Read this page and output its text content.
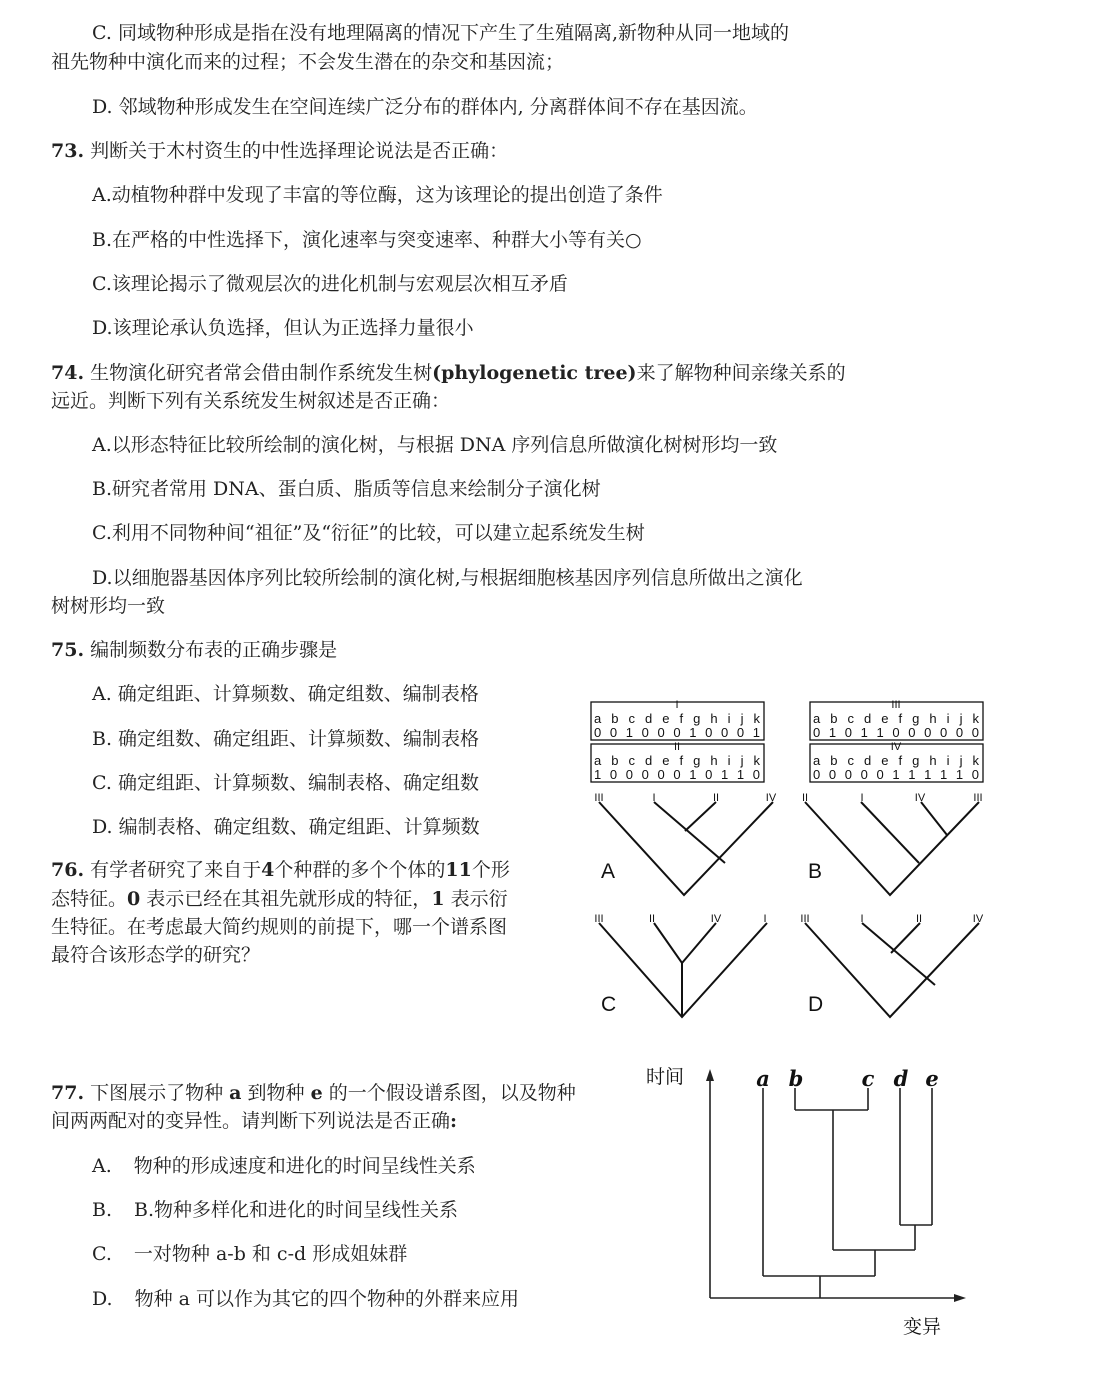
C. 同域物种形成是指在没有地理隔离的情况下产生了生殖隔离,新物种从同一地域的
祖先物种中演化而来的过程；不会发生潜在的杂交和基因流；
D. 邻域物种形成发生在空间连续广泛分布的群体内, 分离群体间不存在基因流。
73. 判断关于木村资生的中性选择理论说法是否正确：
A.动植物种群中发现了丰富的等位酶，这为该理论的提出创造了条件
B.在严格的中性选择下，演化速率与突变速率、种群大小等有关○
C.该理论揭示了微观层次的进化机制与宏观层次相互矛盾
D.该理论承认负选择，但认为正选择力量很小
74. 生物演化研究者常会借由制作系统发生树(phylogenetic tree)来了解物种间亲缘关系的
远近。判断下列有关系统发生树叙述是否正确：
A.以形态特征比较所绘制的演化树，与根据 DNA 序列信息所做演化树树形均一致
B.研究者常用 DNA、蛋白质、脂质等信息来绘制分子演化树
C.利用不同物种间“祖征”及“衍征”的比较，可以建立起系统发生树
D.以细胞器基因体序列比较所绘制的演化树,与根据细胞核基因序列信息所做出之演化
树树形均一致
75. 编制频数分布表的正确步骤是
A. 确定组距、计算频数、确定组数、编制表格
B. 确定组数、确定组距、计算频数、编制表格
C. 确定组距、计算频数、编制表格、确定组数
D. 编制表格、确定组数、确定组距、计算频数
76. 有学者研究了来自于4个种群的多个个体的11个形
态特征。0 表示已经在其祖先就形成的特征，1 表示衍
生特征。在考虑最大简约规则的前提下，哪一个谱系图
最符合该形态学的研究？
I
II
III
IV
a b c d e f g h i j k
0 0 1 0 0 0 1 0 0 0 1
a b c d e f g h i j k
1 0 0 0 0 0 1 0 1 1 0
a b c d e f g h i j k
0 1 0 1 1 0 0 0 0 0 0
a b c d e f g h i j k
0 0 0 0 0 1 1 1 1 1 0
III	I	II	IV
A
II	I	IV	III
B
III	II	IV	I
C
III	I	II	IV
D
77. 下图展示了物种 a 到物种 e 的一个假设谱系图，以及物种
间两两配对的变异性。请判断下列说法是否正确:
A. 物种的形成速度和进化的时间呈线性关系
B. B.物种多样化和进化的时间呈线性关系
C. 一对物种 a-b 和 c-d 形成姐妹群
D. 物种 a 可以作为其它的四个物种的外群来应用
时间
变异
a b	c d e
